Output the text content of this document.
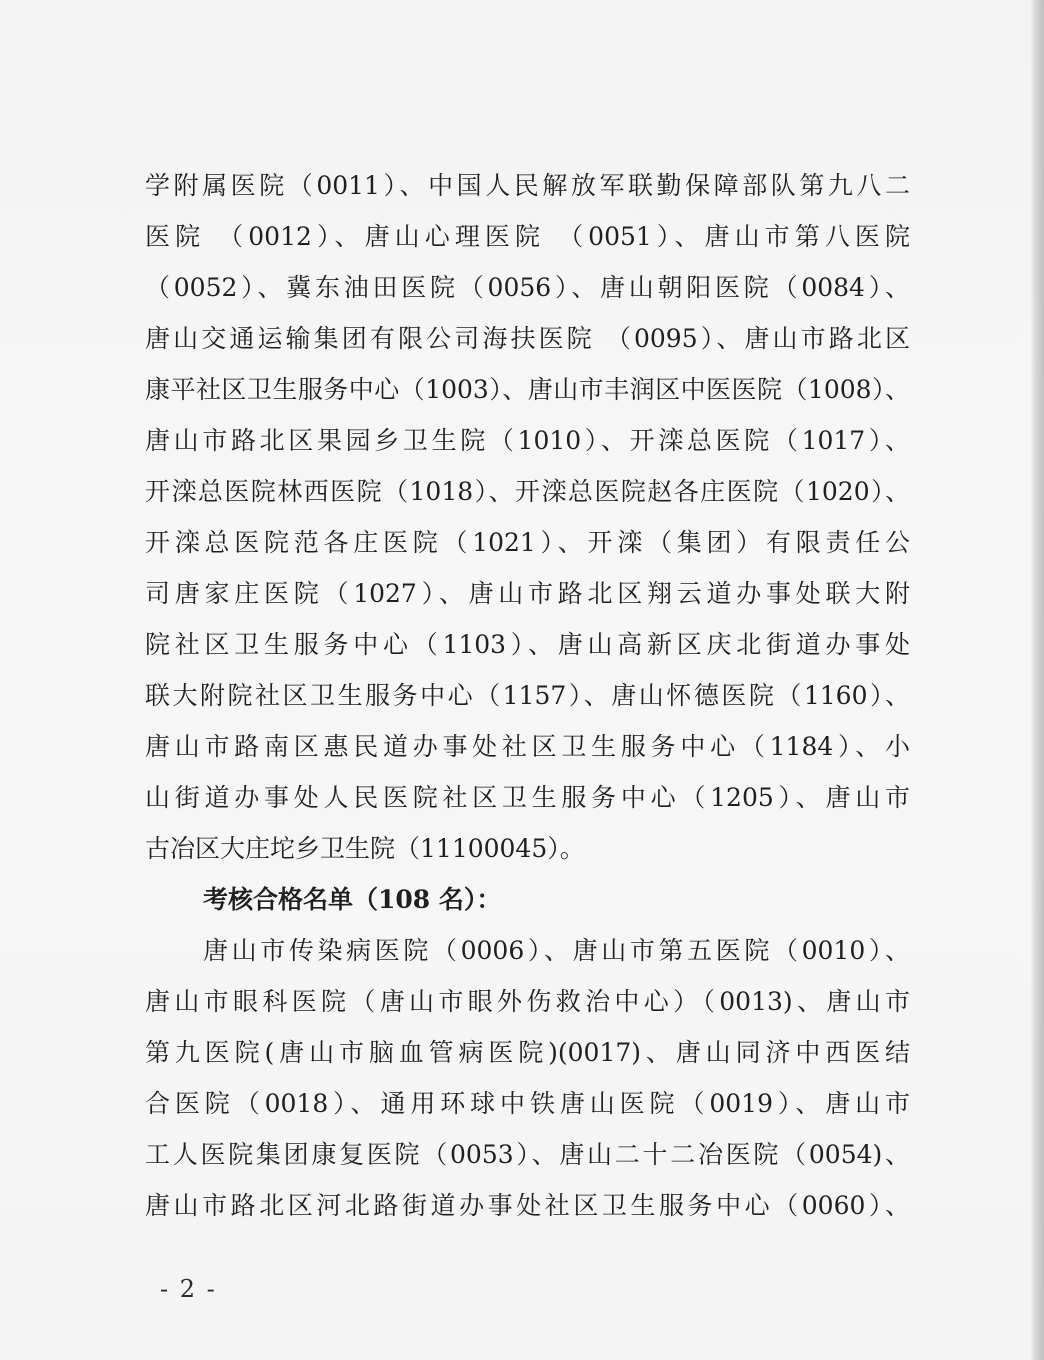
学附属医院（0011）、中国人民解放军联勤保障部队第九八二
医院 （0012）、唐山心理医院 （0051）、唐山市第八医院
（0052）、冀东油田医院（0056）、唐山朝阳医院（0084）、
唐山交通运输集团有限公司海扶医院 （0095）、唐山市路北区
康平社区卫生服务中心（1003）、唐山市丰润区中医医院（1008）、
唐山市路北区果园乡卫生院（1010）、开滦总医院（1017）、
开滦总医院林西医院（1018）、开滦总医院赵各庄医院（1020）、
开滦总医院范各庄医院（1021）、开滦（集团）有限责任公
司唐家庄医院（1027）、唐山市路北区翔云道办事处联大附
院社区卫生服务中心（1103）、唐山高新区庆北街道办事处
联大附院社区卫生服务中心（1157）、唐山怀德医院（1160）、
唐山市路南区惠民道办事处社区卫生服务中心（1184）、小
山街道办事处人民医院社区卫生服务中心（1205）、唐山市
古冶区大庄坨乡卫生院（11100045）。
考核合格名单（108 名）：
唐山市传染病医院（0006）、唐山市第五医院（0010）、
唐山市眼科医院（唐山市眼外伤救治中心）（0013)、唐山市
第九医院(唐山市脑血管病医院)(0017)、唐山同济中西医结
合医院（0018）、通用环球中铁唐山医院（0019）、唐山市
工人医院集团康复医院（0053）、唐山二十二冶医院（0054)、
唐山市路北区河北路街道办事处社区卫生服务中心（0060）、
- 2 -
